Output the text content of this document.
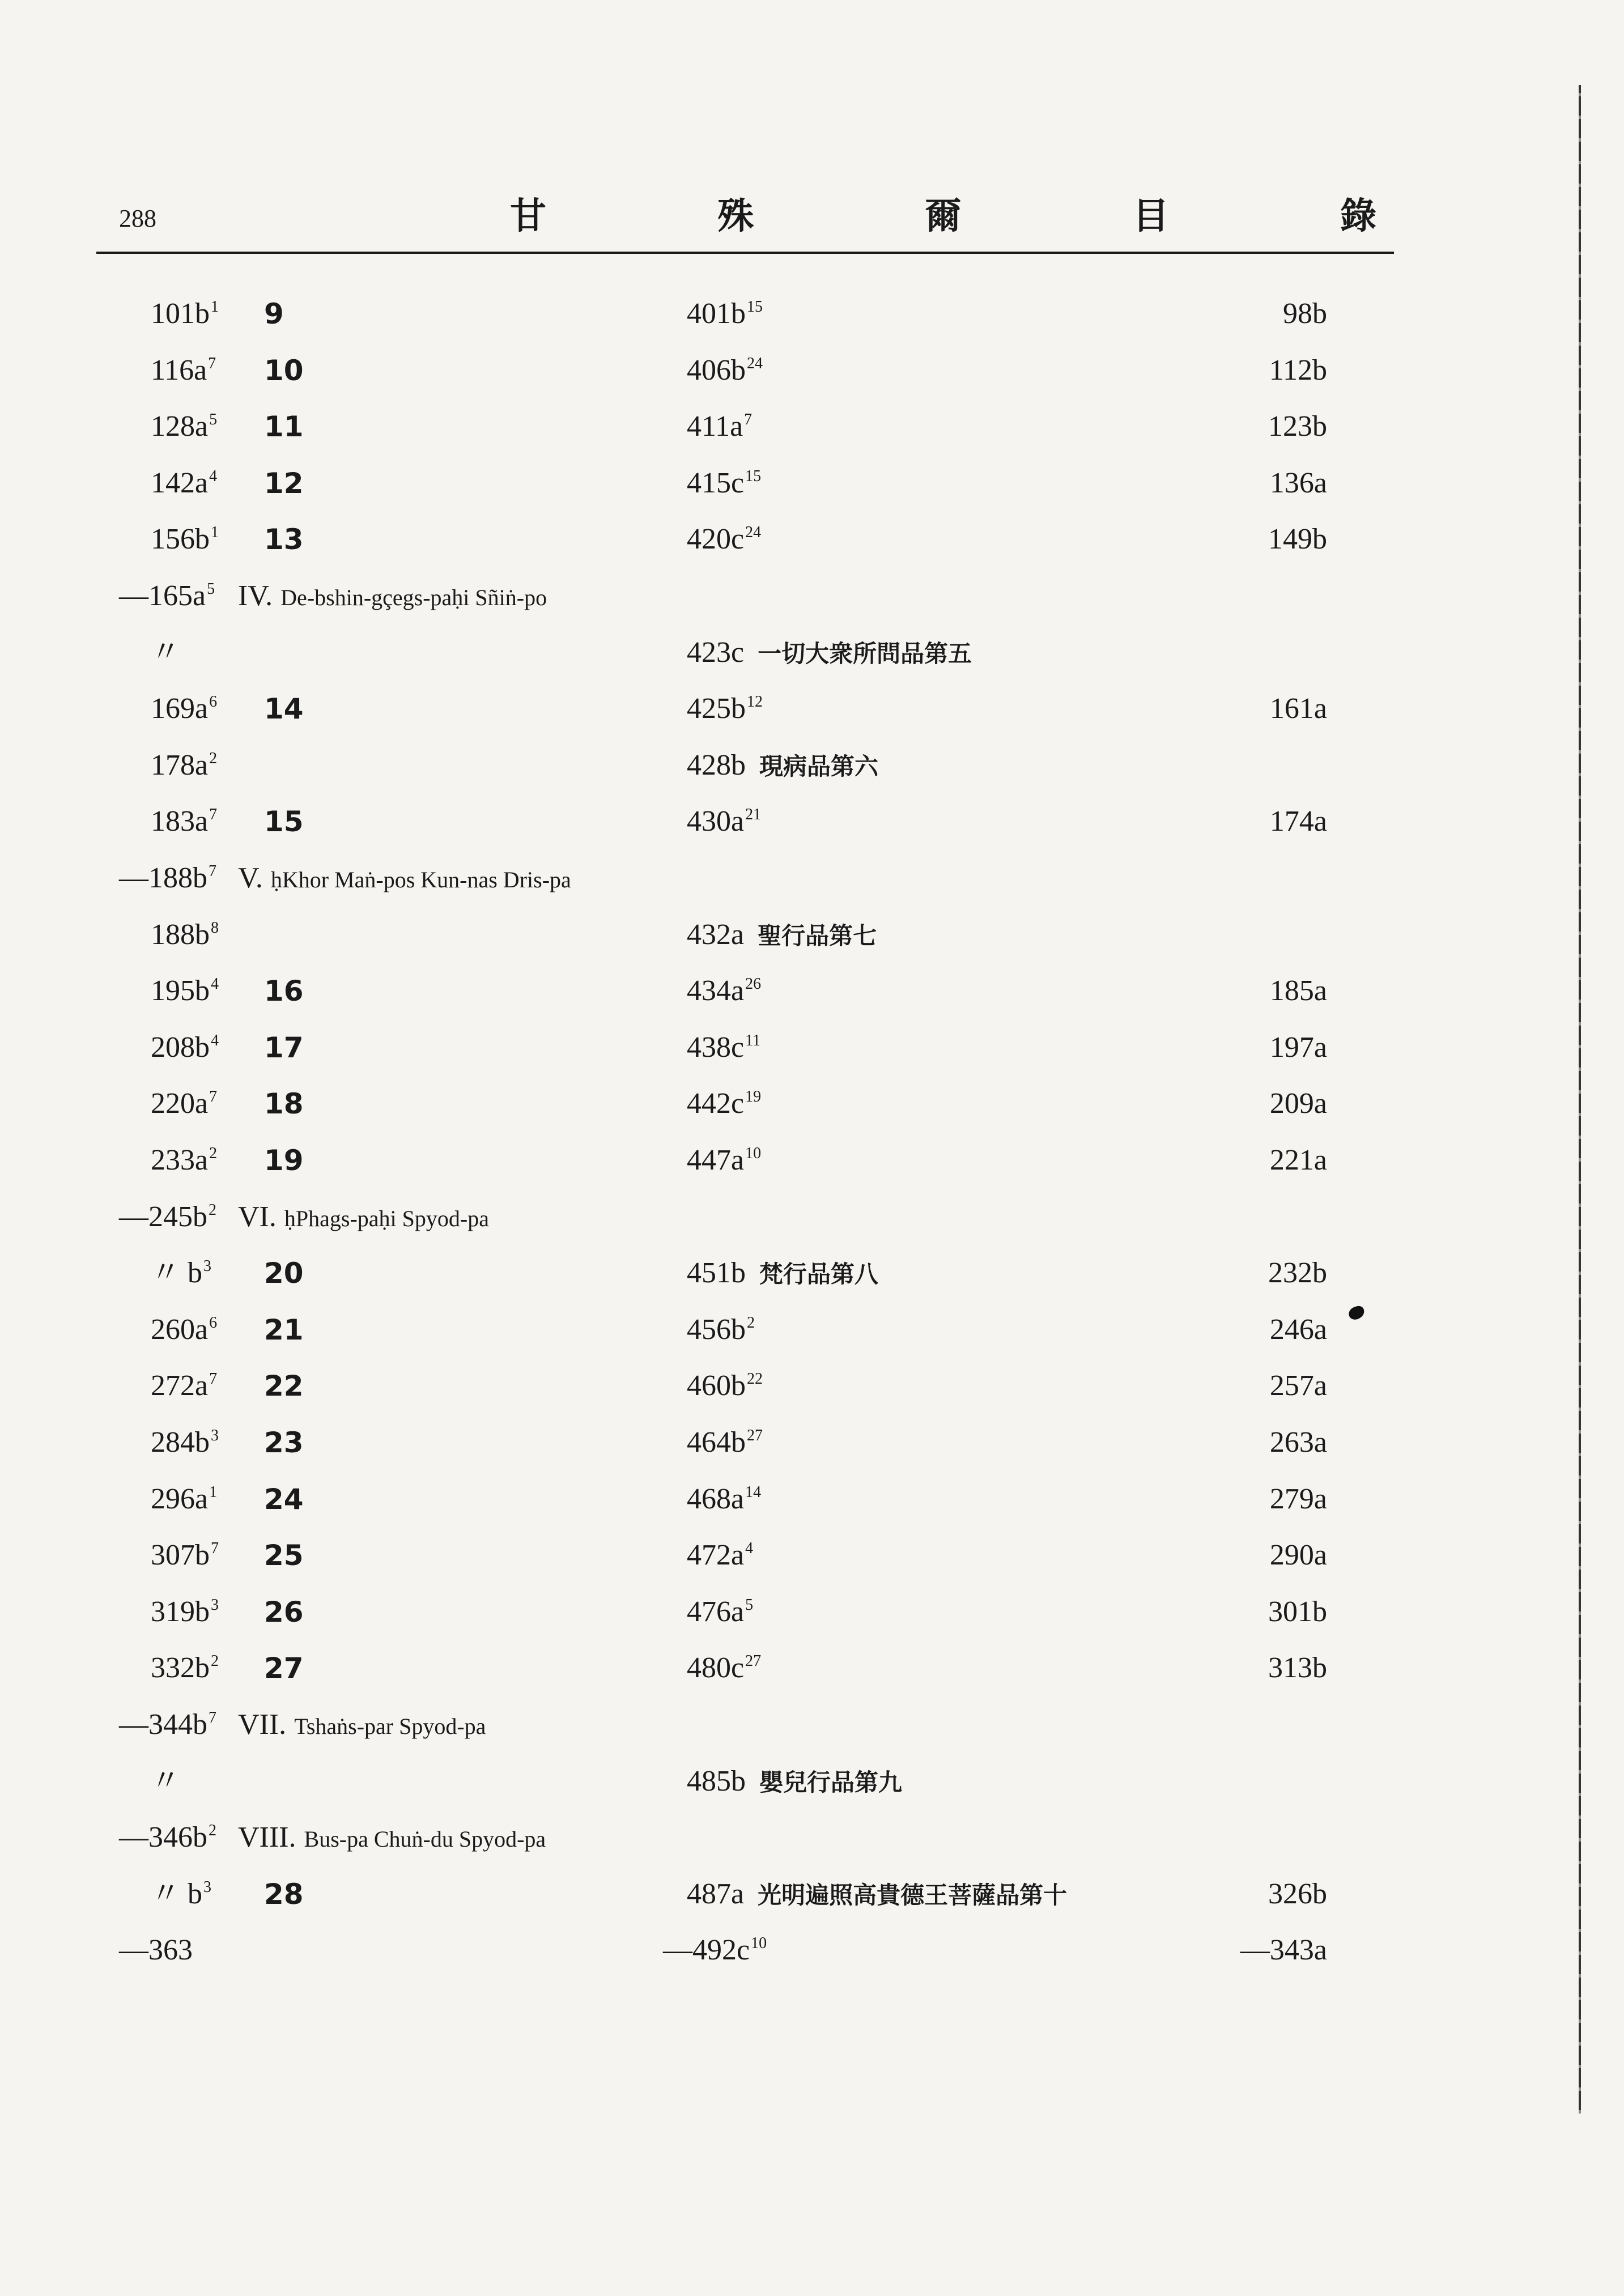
288	甘 殊 爾 目 錄
$101b^1$ 9	$401b^{15}$	98b
$116a^7$ 10	$406b^{24}$	112b
$128a^5$ 11	$411a^7$	123b
$142a^4$ 12	$415c^{15}$	136a
$156b^1$ 13	$420c^{24}$	149b
$—165a^5$ IV. De-bshin-gçegs-paḥi Sñiṅ-po
〃	423c 一切大衆所問品第五
$169a^6$ 14	$425b^{12}$	161a
$178a^2$	428b 現病品第六
$183a^7$ 15	$430a^{21}$	174a
$—188b^7$ V. ḥKhor Maṅ-pos Kun-nas Dris-pa
$188b^8$	432a 聖行品第七
$195b^4$ 16	$434a^{26}$	185a
$208b^4$ 17	$438c^{11}$	197a
$220a^7$ 18	$442c^{19}$	209a
$233a^2$ 19	$447a^{10}$	221a
$—245b^2$ VI. ḥPhags-paḥi Spyod-pa
〃 $b^3$ 20	451b 梵行品第八	232b
$260a^6$ 21	$456b^2$	246a
$272a^7$ 22	$460b^{22}$	257a
$284b^3$ 23	$464b^{27}$	263a
$296a^1$ 24	$468a^{14}$	279a
$307b^7$ 25	$472a^4$	290a
$319b^3$ 26	$476a^5$	301b
$332b^2$ 27	$480c^{27}$	313b
$—344b^7$ VII. Tshaṅs-par Spyod-pa
〃	485b 嬰兒行品第九
$—346b^2$ VIII. Bus-pa Chuṅ-du Spyod-pa
〃 $b^3$ 28	487a 光明遍照高貴德王菩薩品第十	326b
—363	$—492c^{10}$	—343a
